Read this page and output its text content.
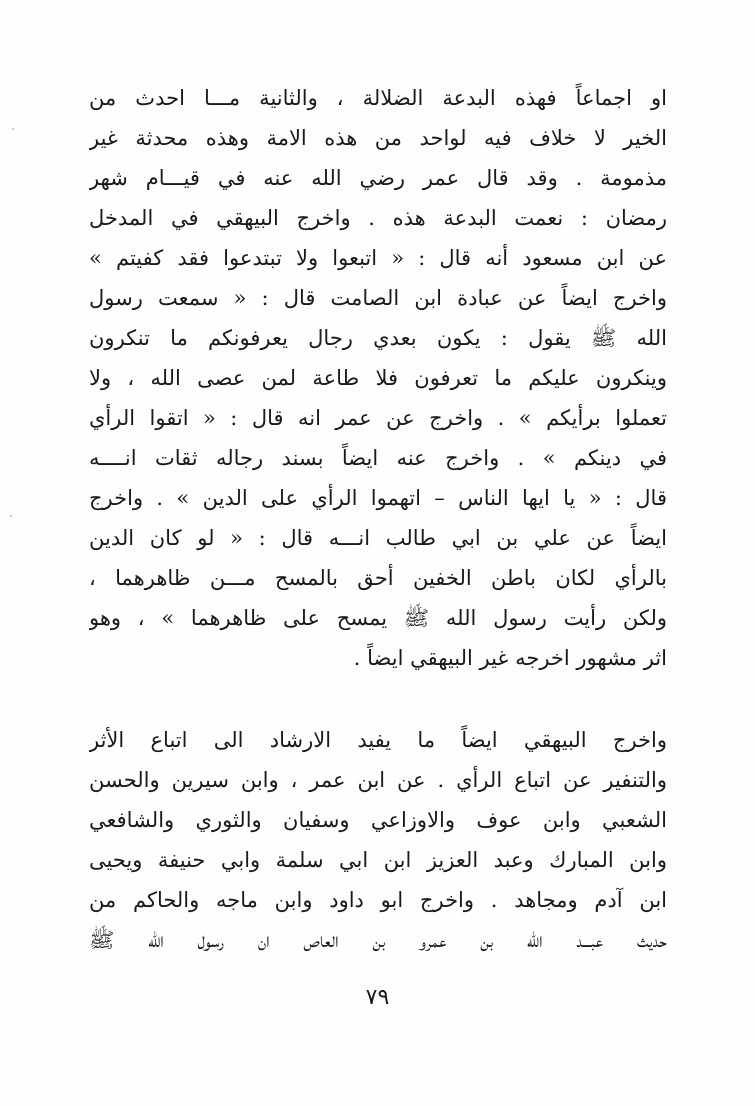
او اجماعاً فهذه البدعة الضلالة ، والثانية مـــا احدث من
الخير لا خلاف فيه لواحد من هذه الامة وهذه محدثة غير
مذمومة . وقد قال عمر رضي الله عنه في قيـــام شهر
رمضان : نعمت البدعة هذه . واخرج البيهقي في المدخل
عن ابن مسعود أنه قال : « اتبعوا ولا تبتدعوا فقد كفيتم »
واخرج ايضاً عن عبادة ابن الصامت قال : « سمعت رسول
الله ﷺ يقول : يكون بعدي رجال يعرفونكم ما تنكرون
وينكرون عليكم ما تعرفون فلا طاعة لمن عصى الله ، ولا
تعملوا برأيكم » . واخرج عن عمر انه قال : « اتقوا الرأي
في دينكم » . واخرج عنه ايضاً بسند رجاله ثقات انــــه
قال : « يا ايها الناس – اتهموا الرأي على الدين » . واخرج
ايضاً عن علي بن ابي طالب انـــه قال : « لو كان الدين
بالرأي لكان باطن الخفين أحق بالمسح مـــن ظاهرهما ،
ولكن رأيت رسول الله ﷺ يمسح على ظاهرهما » ، وهو
اثر مشهور اخرجه غير البيهقي ايضاً .
واخرج البيهقي ايضاً ما يفيد الارشاد الى اتباع الأثر
والتنفير عن اتباع الرأي . عن ابن عمر ، وابن سيرين والحسن
الشعبي وابن عوف والاوزاعي وسفيان والثوري والشافعي
وابن المبارك وعبد العزيز ابن ابي سلمة وابي حنيفة ويحيى
ابن آدم ومجاهد . واخرج ابو داود وابن ماجه والحاكم من
حديث عبـــد الله بن عمرو بن العاص ان رسول الله ﷺ
٧٩
